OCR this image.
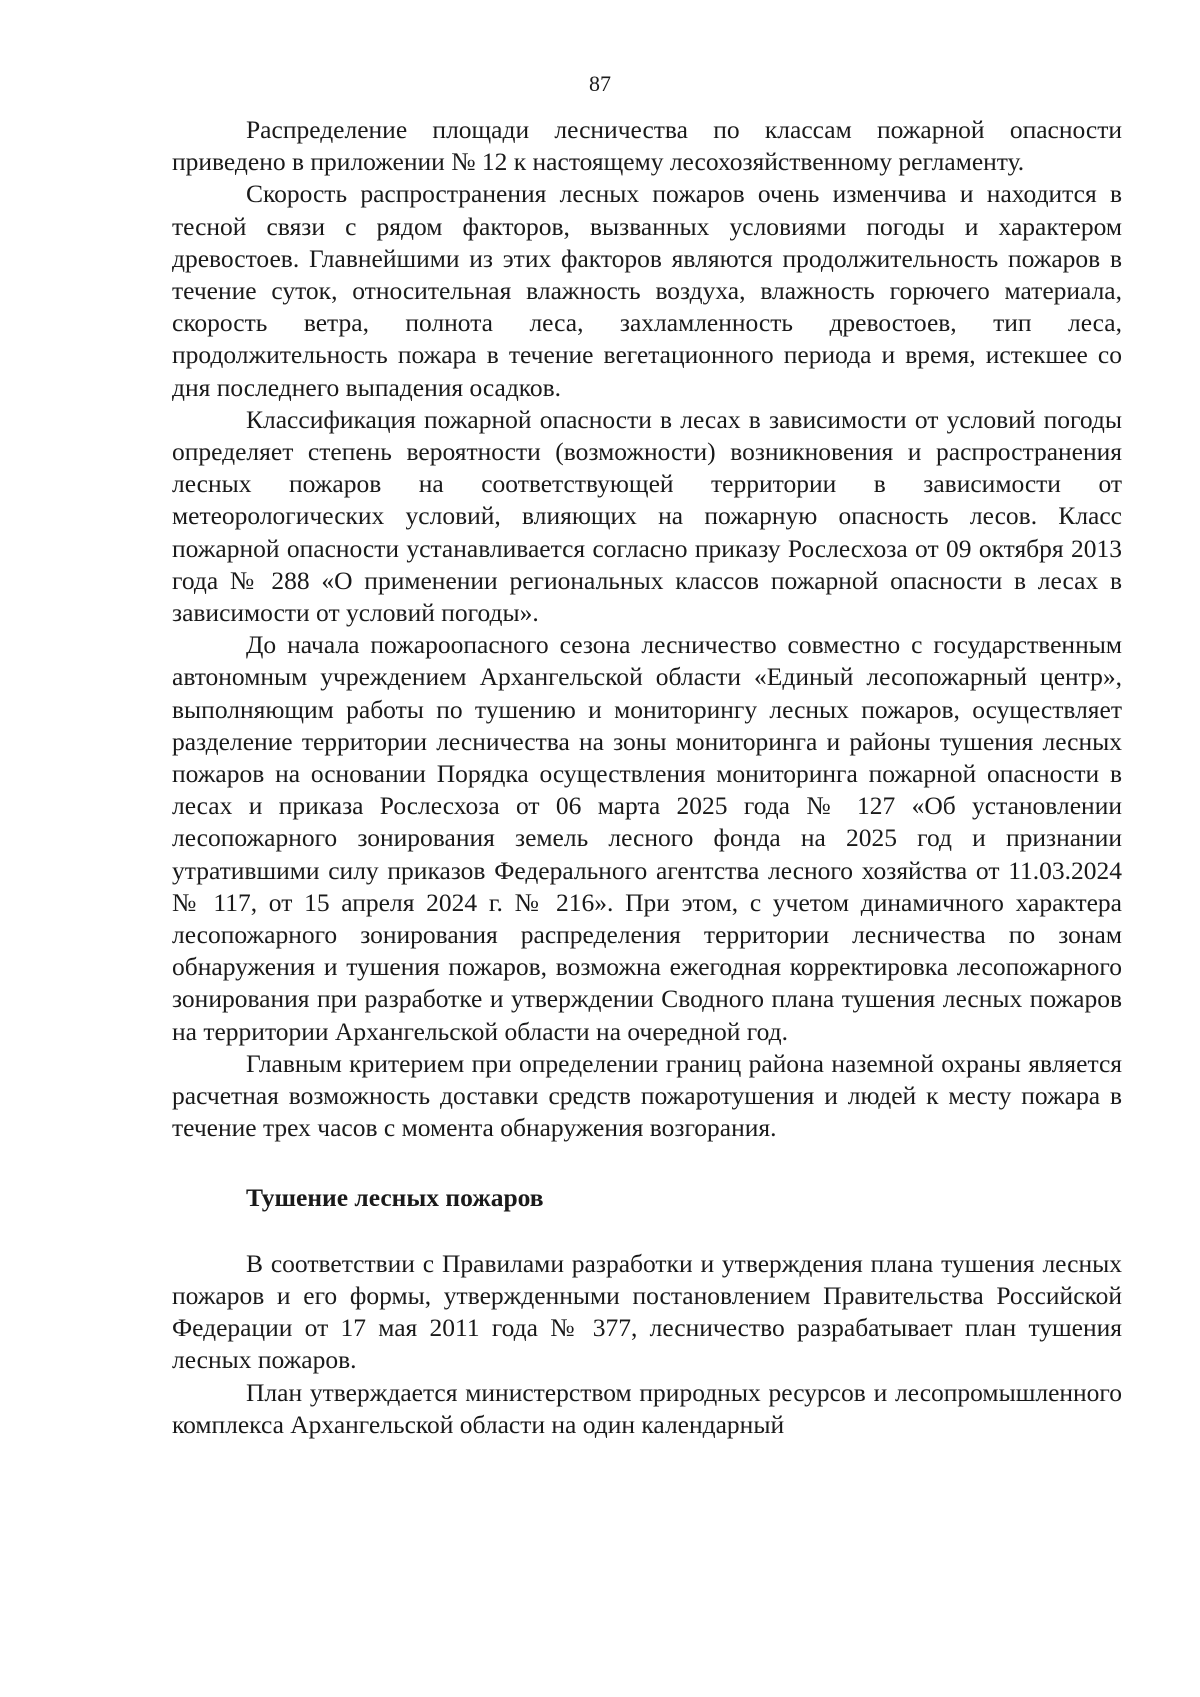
87

Распределение площади лесничества по классам пожарной опасности приведено в приложении № 12 к настоящему лесохозяйственному регламенту.

Скорость распространения лесных пожаров очень изменчива и находится в тесной связи с рядом факторов, вызванных условиями погоды и характером древостоев. Главнейшими из этих факторов являются продолжительность пожаров в течение суток, относительная влажность воздуха, влажность горючего материала, скорость ветра, полнота леса, захламленность древостоев, тип леса, продолжительность пожара в течение вегетационного периода и время, истекшее со дня последнего выпадения осадков.

Классификация пожарной опасности в лесах в зависимости от условий погоды определяет степень вероятности (возможности) возникновения и распространения лесных пожаров на соответствующей территории в зависимости от метеорологических условий, влияющих на пожарную опасность лесов. Класс пожарной опасности устанавливается согласно приказу Рослесхоза от 09 октября 2013 года № 288 «О применении региональных классов пожарной опасности в лесах в зависимости от условий погоды».

До начала пожароопасного сезона лесничество совместно с государственным автономным учреждением Архангельской области «Единый лесопожарный центр», выполняющим работы по тушению и мониторингу лесных пожаров, осуществляет разделение территории лесничества на зоны мониторинга и районы тушения лесных пожаров на основании Порядка осуществления мониторинга пожарной опасности в лесах и приказа Рослесхоза от 06 марта 2025 года № 127 «Об установлении лесопожарного зонирования земель лесного фонда на 2025 год и признании утратившими силу приказов Федерального агентства лесного хозяйства от 11.03.2024 № 117, от 15 апреля 2024 г. № 216». При этом, с учетом динамичного характера лесопожарного зонирования распределения территории лесничества по зонам обнаружения и тушения пожаров, возможна ежегодная корректировка лесопожарного зонирования при разработке и утверждении Сводного плана тушения лесных пожаров на территории Архангельской области на очередной год.

Главным критерием при определении границ района наземной охраны является расчетная возможность доставки средств пожаротушения и людей к месту пожара в течение трех часов с момента обнаружения возгорания.

Тушение лесных пожаров

В соответствии с Правилами разработки и утверждения плана тушения лесных пожаров и его формы, утвержденными постановлением Правительства Российской Федерации от 17 мая 2011 года № 377, лесничество разрабатывает план тушения лесных пожаров.

План утверждается министерством природных ресурсов и лесопромышленного комплекса Архангельской области на один календарный
